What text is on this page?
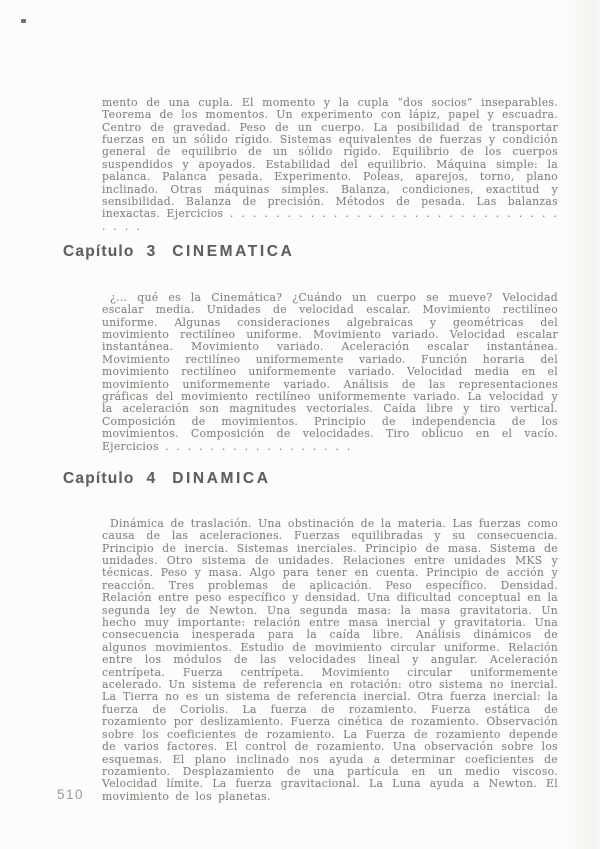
mento de una cupla. El momento y la cupla “dos socios” inseparables. Teorema de los momentos. Un experimento con lápiz, papel y escuadra. Centro de gravedad. Peso de un cuerpo. La posibilidad de transportar fuerzas en un sólido rígido. Sistemas equivalentes de fuerzas y condición general de equilibrio de un sólido rígido. Equilibrio de los cuerpos suspendidos y apoyados. Estabilidad del equilibrio. Máquina simple: la palanca. Palanca pesada. Experimento. Poleas, aparejos, torno, plano inclinado. Otras máquinas simples. Balanza, condiciones, exactitud y sensibilidad. Balanza de precisión. Métodos de pesada. Las balanzas inexactas. Ejercicios . . . . . . . . . . . . . . . . . . . . . . . . . . . . . . . . .

Capítulo 3 CINEMATICA

¿... qué es la Cinemática? ¿Cuándo un cuerpo se mueve? Velocidad escalar media. Unidades de velocidad escalar. Movimiento rectilíneo uniforme. Algunas consideraciones algebraicas y geométricas del movimiento rectilíneo uniforme. Movimiento variado. Velocidad escalar instantánea. Movimiento variado. Aceleración escalar instantánea. Movimiento rectilíneo uniformemente variado. Función horaria del movimiento rectilíneo uniformemente variado. Velocidad media en el movimiento uniformemente variado. Análisis de las representaciones gráficas del movimiento rectilíneo uniformemente variado. La velocidad y la aceleración son magnitudes vectoriales. Caída libre y tiro vertical. Composición de movimientos. Principio de independencia de los movimientos. Composición de velocidades. Tiro oblicuo en el vacío. Ejercicios . . . . . . . . . . . . . . . . .

Capítulo 4 DINAMICA

Dinámica de traslación. Una obstinación de la materia. Las fuerzas como causa de las aceleraciones. Fuerzas equilibradas y su consecuencia. Principio de inercia. Sistemas inerciales. Principio de masa. Sistema de unidades. Otro sistema de unidades. Relaciones entre unidades MKS y técnicas. Peso y masa. Algo para tener en cuenta. Principio de acción y reacción. Tres problemas de aplicación. Peso específico. Densidad. Relación entre peso específico y densidad. Una dificultad conceptual en la segunda ley de Newton. Una segunda masa: la masa gravitatoria. Un hecho muy importante: relación entre masa inercial y gravitatoria. Una consecuencia inesperada para la caída libre. Análisis dinámicos de algunos movimientos. Estudio de movimiento circular uniforme. Relación entre los módulos de las velocidades lineal y angular. Aceleración centrípeta. Fuerza centrípeta. Movimiento circular uniformemente acelerado. Un sistema de referencia en rotación: otro sistema no inercial. La Tierra no es un sistema de referencia inercial. Otra fuerza inercial: la fuerza de Coriolis. La fuerza de rozamiento. Fuerza estática de rozamiento por deslizamiento. Fuerza cinética de rozamiento. Observación sobre los coeficientes de rozamiento. La Fuerza de rozamiento depende de varios factores. El control de rozamiento. Una observación sobre los esquemas. El plano inclinado nos ayuda a determinar coeficientes de rozamiento. Desplazamiento de una partícula en un medio viscoso. Velocidad límite. La fuerza gravitacional. La Luna ayuda a Newton. El movimiento de los planetas.

510
